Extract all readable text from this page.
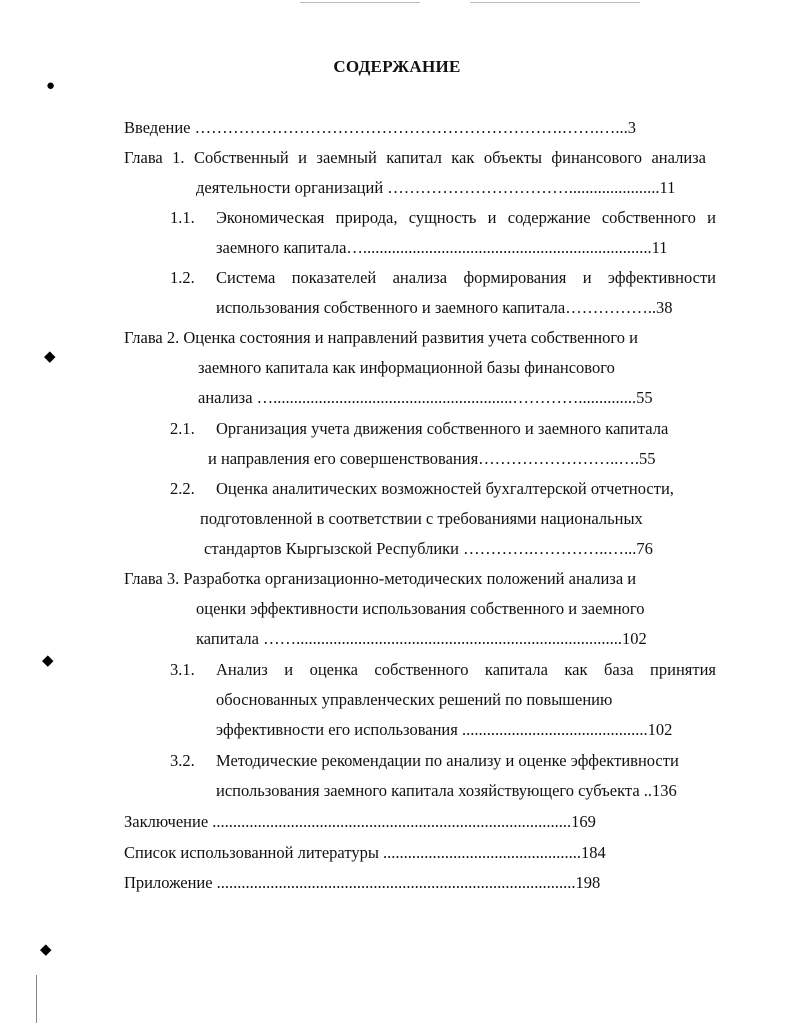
●
◆
◆
◆
СОДЕРЖАНИЕ
Введение ………………………………………………………….…….…...3
Глава 1. Собственный и заемный капитал как объекты финансового анализа
деятельности организаций ……………………………......................11
1.1. Экономическая природа, сущность и содержание собственного и
заемного капитала…......................................................................11
1.2. Система показателей анализа формирования и эффективности
использования собственного и заемного капитала……………..38
Глава 2. Оценка состояния и направлений развития учета собственного и
заемного капитала как информационной базы финансового
анализа …..........................................................…………..............55
2.1. Организация учета движения собственного и заемного капитала
и направления его совершенствования……………………..….55
2.2. Оценка аналитических возможностей бухгалтерской отчетности,
подготовленной в соответствии с требованиями национальных
стандартов Кыргызской Республики ………….…………..…...76
Глава 3. Разработка организационно-методических положений анализа и
оценки эффективности использования собственного и заемного
капитала ……...............................................................................102
3.1. Анализ и оценка собственного капитала как база принятия
обоснованных управленческих решений по повышению
эффективности его использования .............................................102
3.2. Методические рекомендации по анализу и оценке эффективности
использования заемного капитала хозяйствующего субъекта ..136
Заключение .......................................................................................169
Список использованной литературы ................................................184
Приложение .......................................................................................198
